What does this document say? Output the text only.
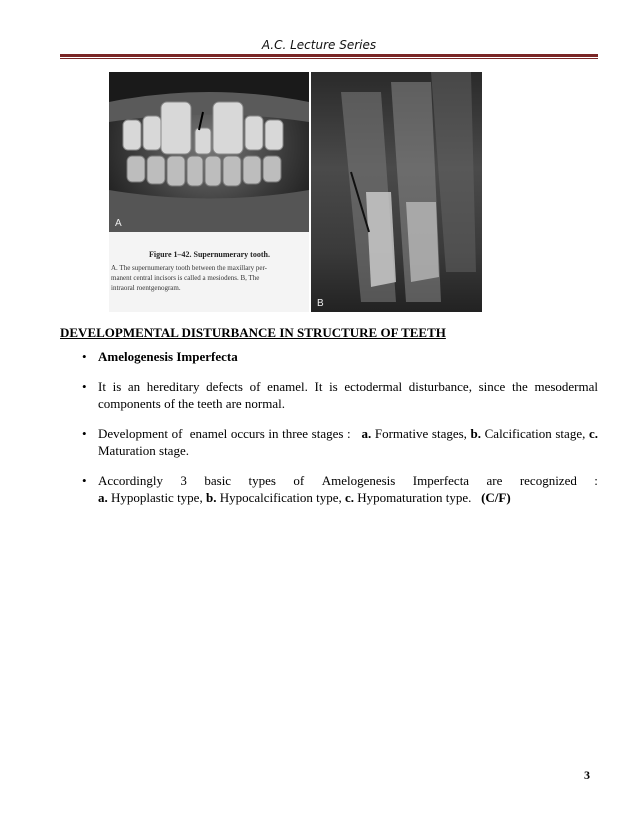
A.C. Lecture Series
A
Figure 1–42. Supernumerary tooth.
A. The supernumerary tooth between the maxillary per-
manent central incisors is called a mesiodens. B, The
intraoral roentgenogram.
B
DEVELOPMENTAL DISTURBANCE IN STRUCTURE OF TEETH
• Amelogenesis Imperfecta
• It is an hereditary defects of enamel. It is ectodermal disturbance, since the mesodermal components of the teeth are normal.
• Development of  enamel occurs in three stages :   a. Formative stages, b. Calcification stage, c. Maturation stage.
• Accordingly 3 basic types of Amelogenesis Imperfecta are recognized :
a. Hypoplastic type, b. Hypocalcification type, c. Hypomaturation type.   (C/F)
3
